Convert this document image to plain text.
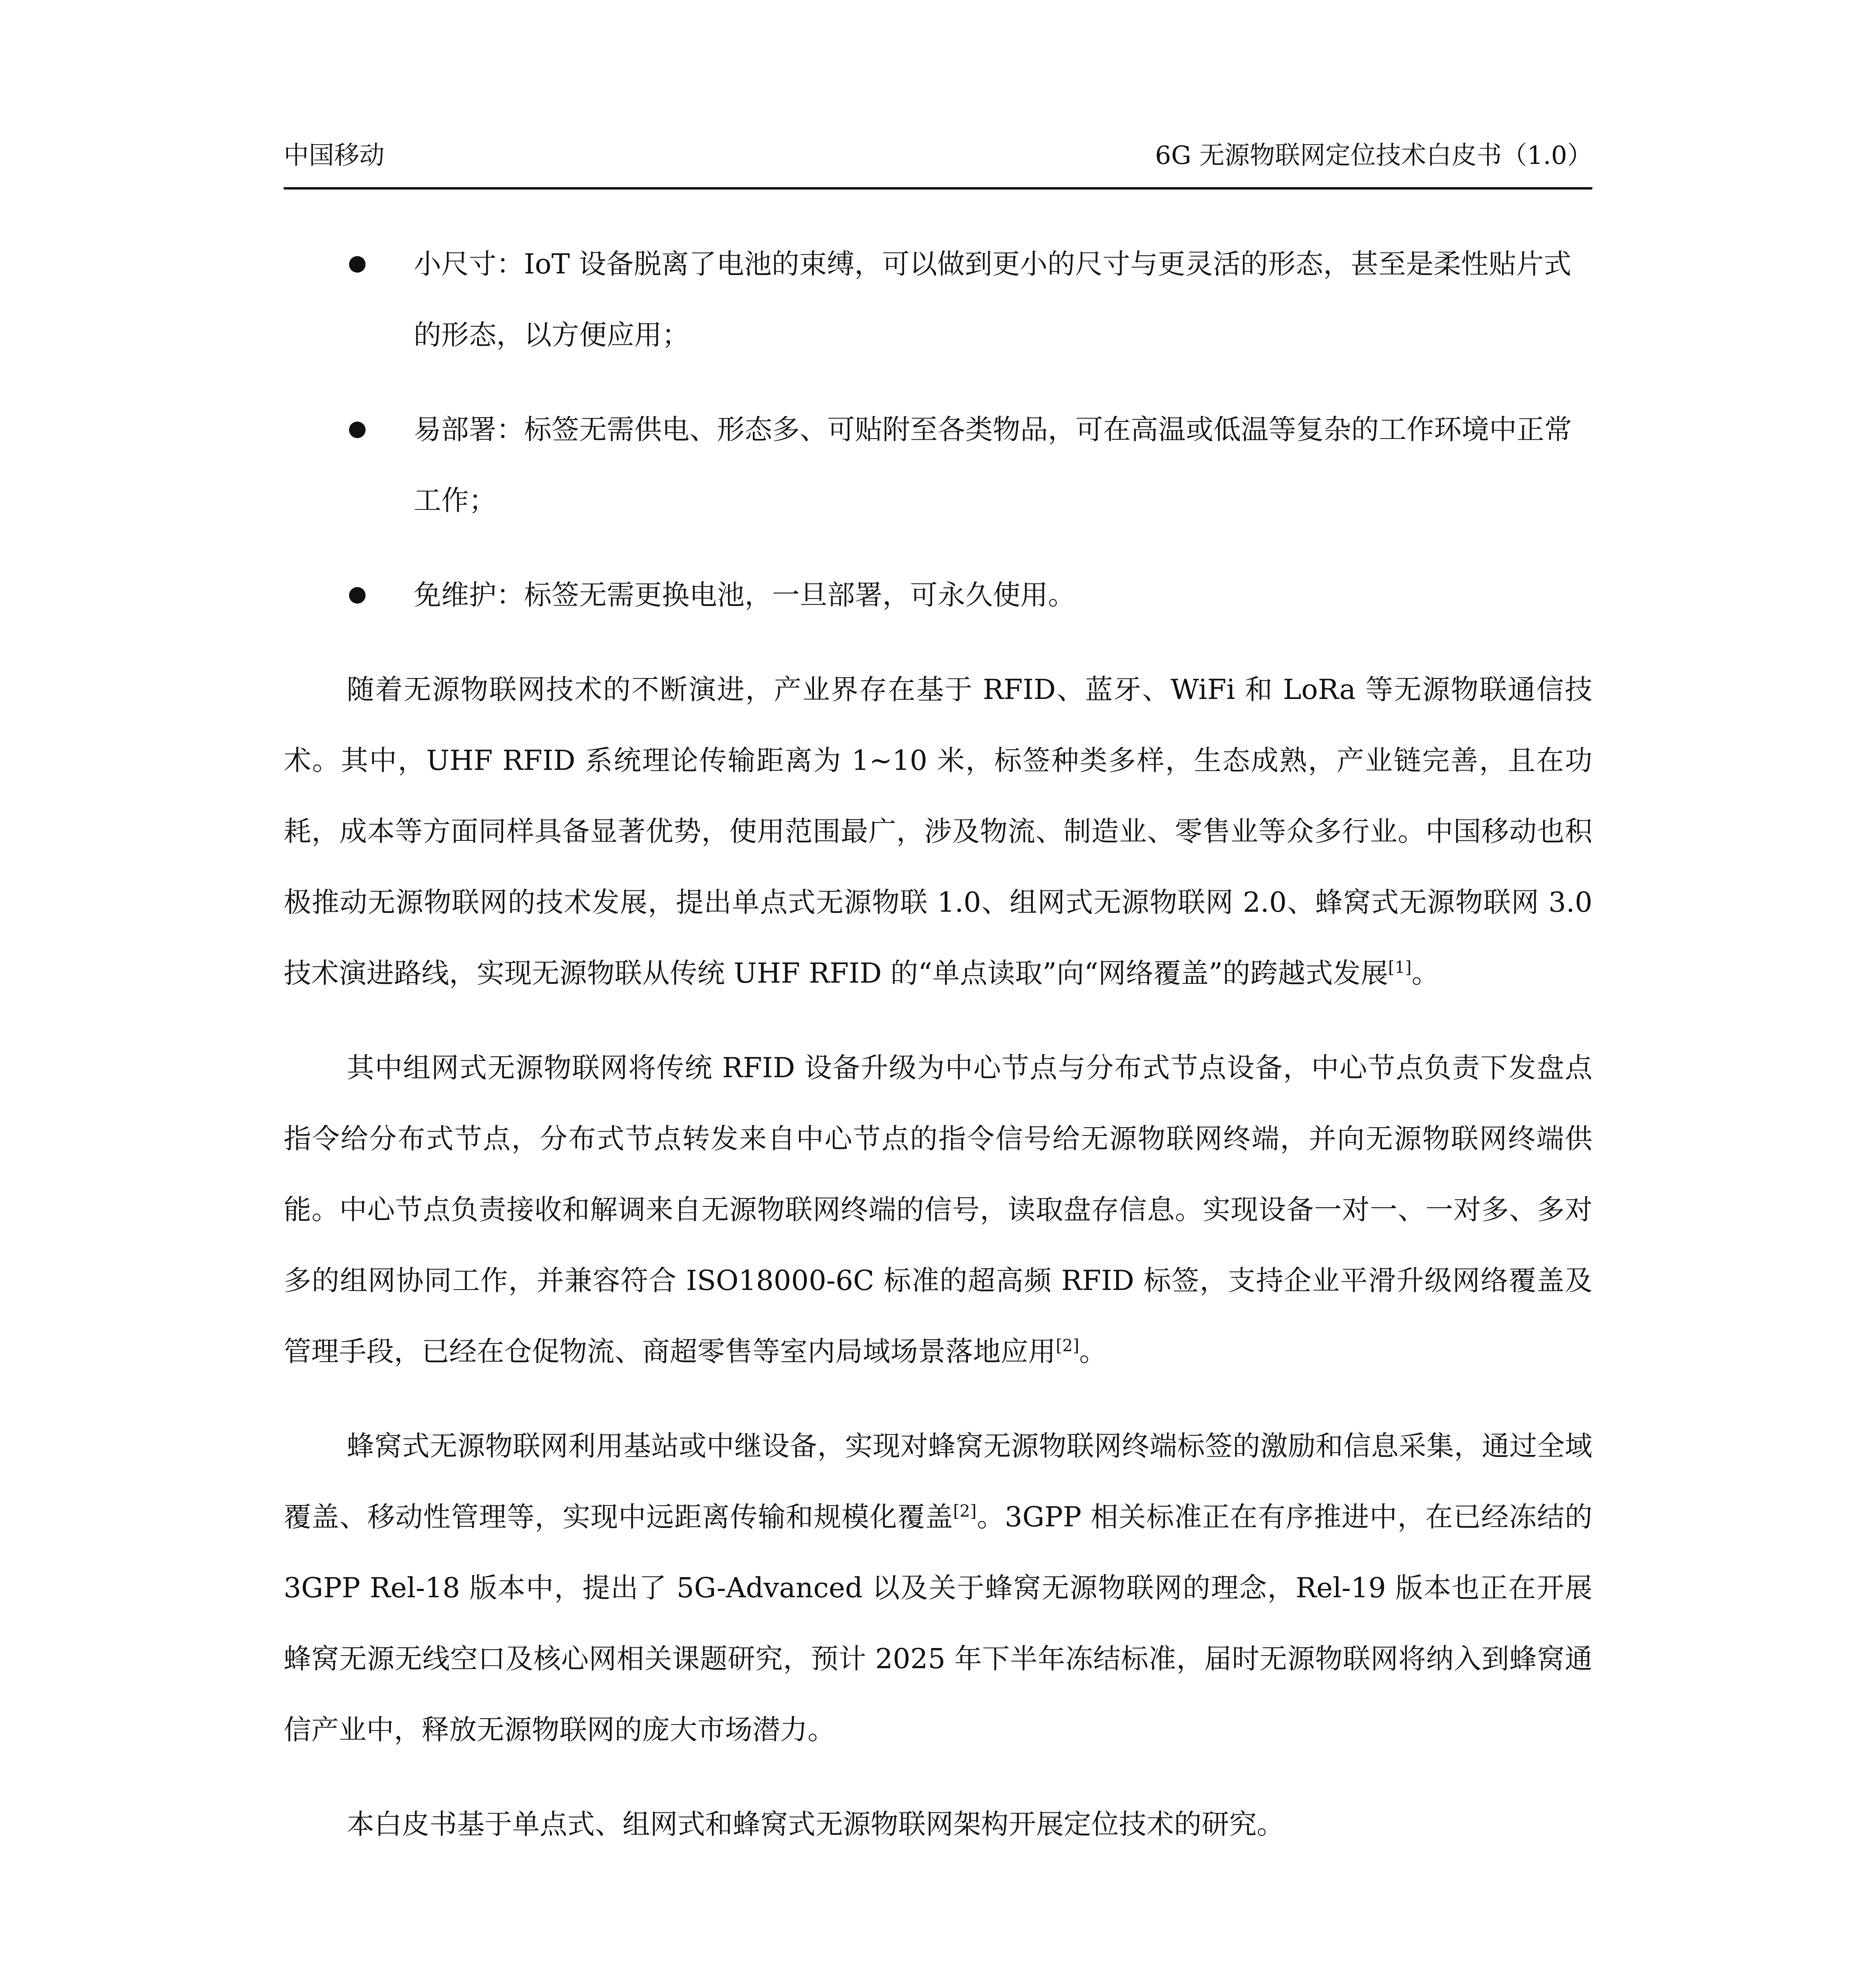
中国移动	6G 无源物联网定位技术白皮书（1.0）
小尺寸：IoT 设备脱离了电池的束缚，可以做到更小的尺寸与更灵活的形态，甚至是柔性贴片式的形态，以方便应用；
易部署：标签无需供电、形态多、可贴附至各类物品，可在高温或低温等复杂的工作环境中正常工作；
免维护：标签无需更换电池，一旦部署，可永久使用。

随着无源物联网技术的不断演进，产业界存在基于 RFID、蓝牙、WiFi 和 LoRa 等无源物联通信技术。其中，UHF RFID 系统理论传输距离为 1~10 米，标签种类多样，生态成熟，产业链完善，且在功耗，成本等方面同样具备显著优势，使用范围最广，涉及物流、制造业、零售业等众多行业。中国移动也积极推动无源物联网的技术发展，提出单点式无源物联 1.0、组网式无源物联网 2.0、蜂窝式无源物联网 3.0 技术演进路线，实现无源物联从传统 UHF RFID 的“单点读取”向“网络覆盖”的跨越式发展[1]。

其中组网式无源物联网将传统 RFID 设备升级为中心节点与分布式节点设备，中心节点负责下发盘点指令给分布式节点，分布式节点转发来自中心节点的指令信号给无源物联网终端，并向无源物联网终端供能。中心节点负责接收和解调来自无源物联网终端的信号，读取盘存信息。实现设备一对一、一对多、多对多的组网协同工作，并兼容符合 ISO18000-6C 标准的超高频 RFID 标签，支持企业平滑升级网络覆盖及管理手段，已经在仓促物流、商超零售等室内局域场景落地应用[2]。

蜂窝式无源物联网利用基站或中继设备，实现对蜂窝无源物联网终端标签的激励和信息采集，通过全域覆盖、移动性管理等，实现中远距离传输和规模化覆盖[2]。3GPP 相关标准正在有序推进中，在已经冻结的 3GPP Rel-18 版本中，提出了 5G-Advanced 以及关于蜂窝无源物联网的理念，Rel-19 版本也正在开展蜂窝无源无线空口及核心网相关课题研究，预计 2025 年下半年冻结标准，届时无源物联网将纳入到蜂窝通信产业中，释放无源物联网的庞大市场潜力。

本白皮书基于单点式、组网式和蜂窝式无源物联网架构开展定位技术的研究。
